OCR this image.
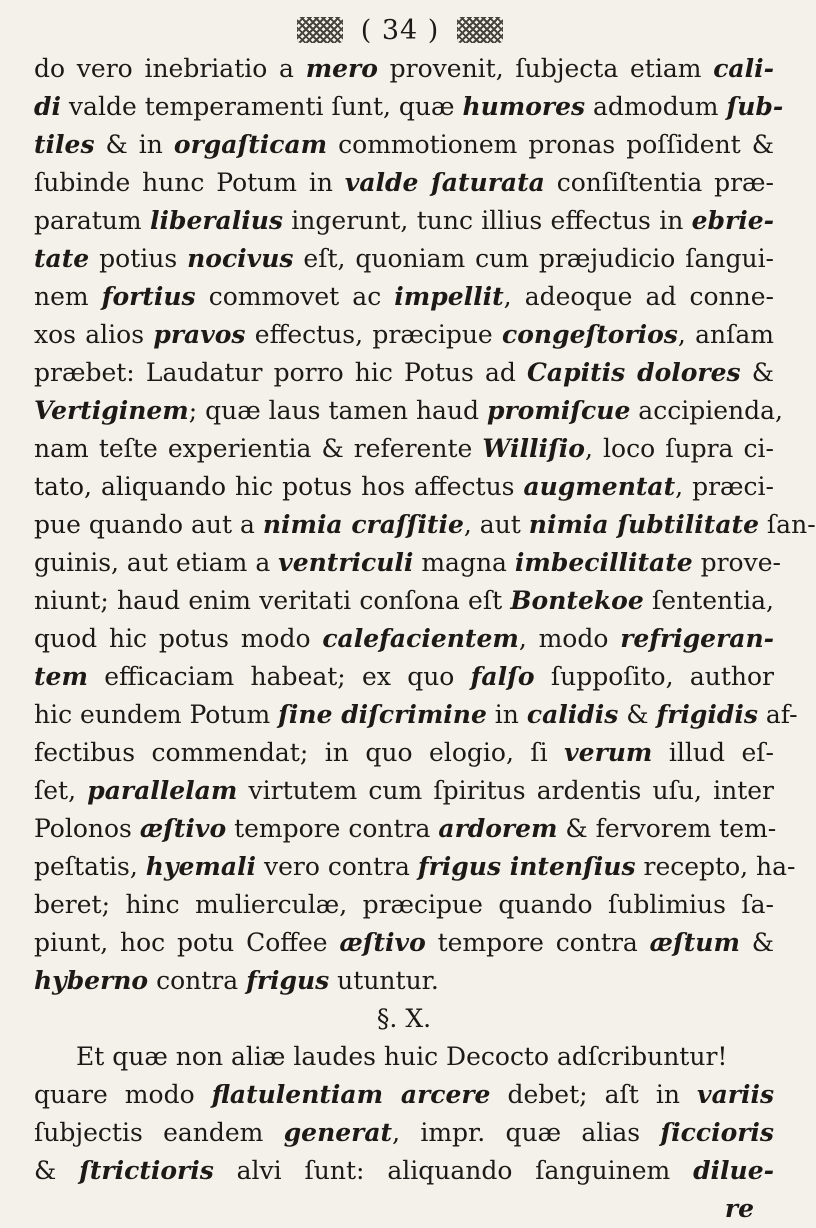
( 34 )
do vero inebriatio a mero provenit, ſubjecta etiam cali-
di valde temperamenti ſunt, quæ humores admodum ſub-
tiles & in orgaſticam commotionem pronas poſſident &
ſubinde hunc Potum in valde ſaturata conſiſtentia præ-
paratum liberalius ingerunt, tunc illius effectus in ebrie-
tate potius nocivus eſt, quoniam cum præjudicio ſangui-
nem fortius commovet ac impellit, adeoque ad conne-
xos alios pravos effectus, præcipue congeſtorios, anſam
præbet: Laudatur porro hic Potus ad Capitis dolores &
Vertiginem; quæ laus tamen haud promiſcue accipienda,
nam teſte experientia & referente Williſio, loco ſupra ci-
tato, aliquando hic potus hos affectus augmentat, præci-
pue quando aut a nimia craſſitie, aut nimia ſubtilitate ſan-
guinis, aut etiam a ventriculi magna imbecillitate prove-
niunt; haud enim veritati conſona eſt Bontekoe ſententia,
quod hic potus modo calefacientem, modo refrigeran-
tem efficaciam habeat; ex quo falſo ſuppoſito, author
hic eundem Potum ſine diſcrimine in calidis & frigidis af-
fectibus commendat; in quo elogio, ſi verum illud eſ-
ſet, parallelam virtutem cum ſpiritus ardentis uſu, inter
Polonos æſtivo tempore contra ardorem & fervorem tem-
peſtatis, hyemali vero contra frigus intenſius recepto, ha-
beret; hinc mulierculæ, præcipue quando ſublimius ſa-
piunt, hoc potu Coffee æſtivo tempore contra æſtum &
hyberno contra frigus utuntur.
§. X.
Et quæ non aliæ laudes huic Decocto adſcribuntur!
quare modo flatulentiam arcere debet; aſt in variis
ſubjectis eandem generat, impr. quæ alias ſiccioris
& ſtrictioris alvi ſunt: aliquando ſanguinem dilue-
re
